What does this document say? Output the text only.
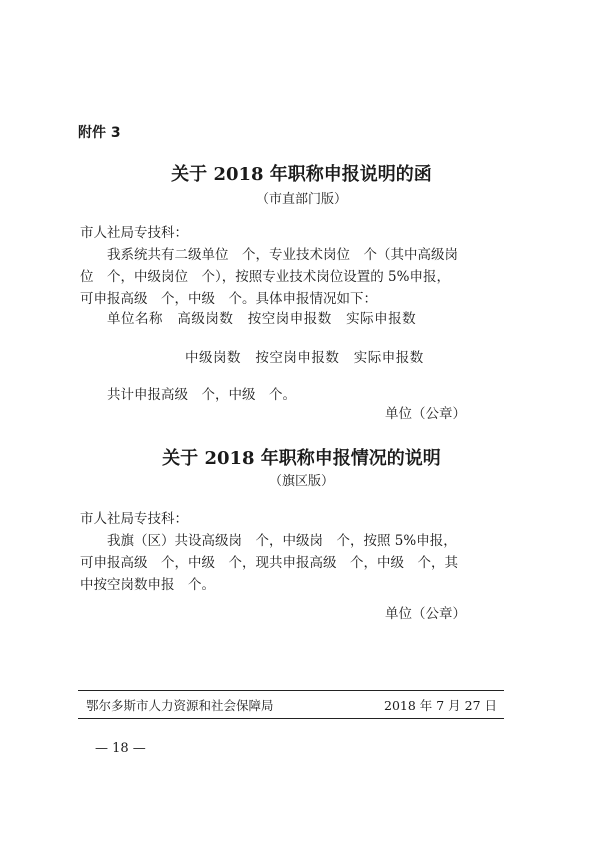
附件 3
关于 2018 年职称申报说明的函
（市直部门版）
市人社局专技科：
我系统共有二级单位　个，专业技术岗位　个（其中高级岗
位　个，中级岗位　个），按照专业技术岗位设置的 5%申报，
可申报高级　个，中级　个。具体申报情况如下：
单位名称 高级岗数 按空岗申报数 实际申报数
中级岗数 按空岗申报数 实际申报数
共计申报高级　个，中级　个。
单位（公章）
关于 2018 年职称申报情况的说明
（旗区版）
市人社局专技科：
我旗（区）共设高级岗　个，中级岗　个，按照 5%申报，
可申报高级　个，中级　个，现共申报高级　个，中级　个，其
中按空岗数申报　个。
单位（公章）
鄂尔多斯市人力资源和社会保障局	2018 年 7 月 27 日
— 18 —
